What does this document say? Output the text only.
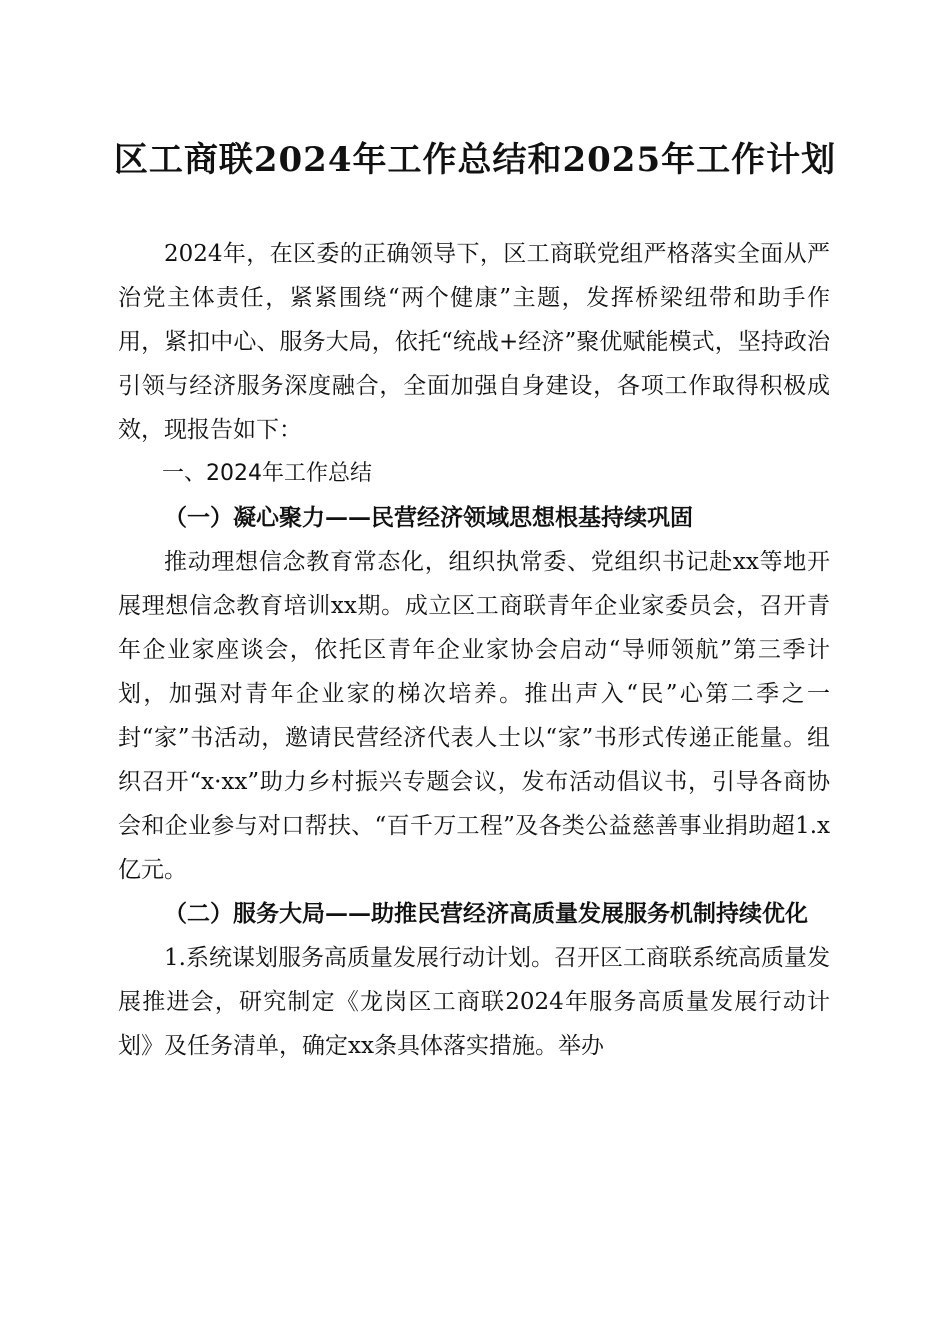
区工商联2024年工作总结和2025年工作计划

2024年，在区委的正确领导下，区工商联党组严格落实全面从严治党主体责任，紧紧围绕“两个健康”主题，发挥桥梁纽带和助手作用，紧扣中心、服务大局，依托“统战+经济”聚优赋能模式，坚持政治引领与经济服务深度融合，全面加强自身建设，各项工作取得积极成效，现报告如下：

一、2024年工作总结

（一）凝心聚力——民营经济领域思想根基持续巩固

推动理想信念教育常态化，组织执常委、党组织书记赴xx等地开展理想信念教育培训xx期。成立区工商联青年企业家委员会，召开青年企业家座谈会，依托区青年企业家协会启动“导师领航”第三季计划，加强对青年企业家的梯次培养。推出声入“民”心第二季之一封“家”书活动，邀请民营经济代表人士以“家”书形式传递正能量。组织召开“x·xx”助力乡村振兴专题会议，发布活动倡议书，引导各商协会和企业参与对口帮扶、“百千万工程”及各类公益慈善事业捐助超1.x亿元。

（二）服务大局——助推民营经济高质量发展服务机制持续优化

1.系统谋划服务高质量发展行动计划。召开区工商联系统高质量发展推进会，研究制定《龙岗区工商联2024年服务高质量发展行动计划》及任务清单，确定xx条具体落实措施。举办
